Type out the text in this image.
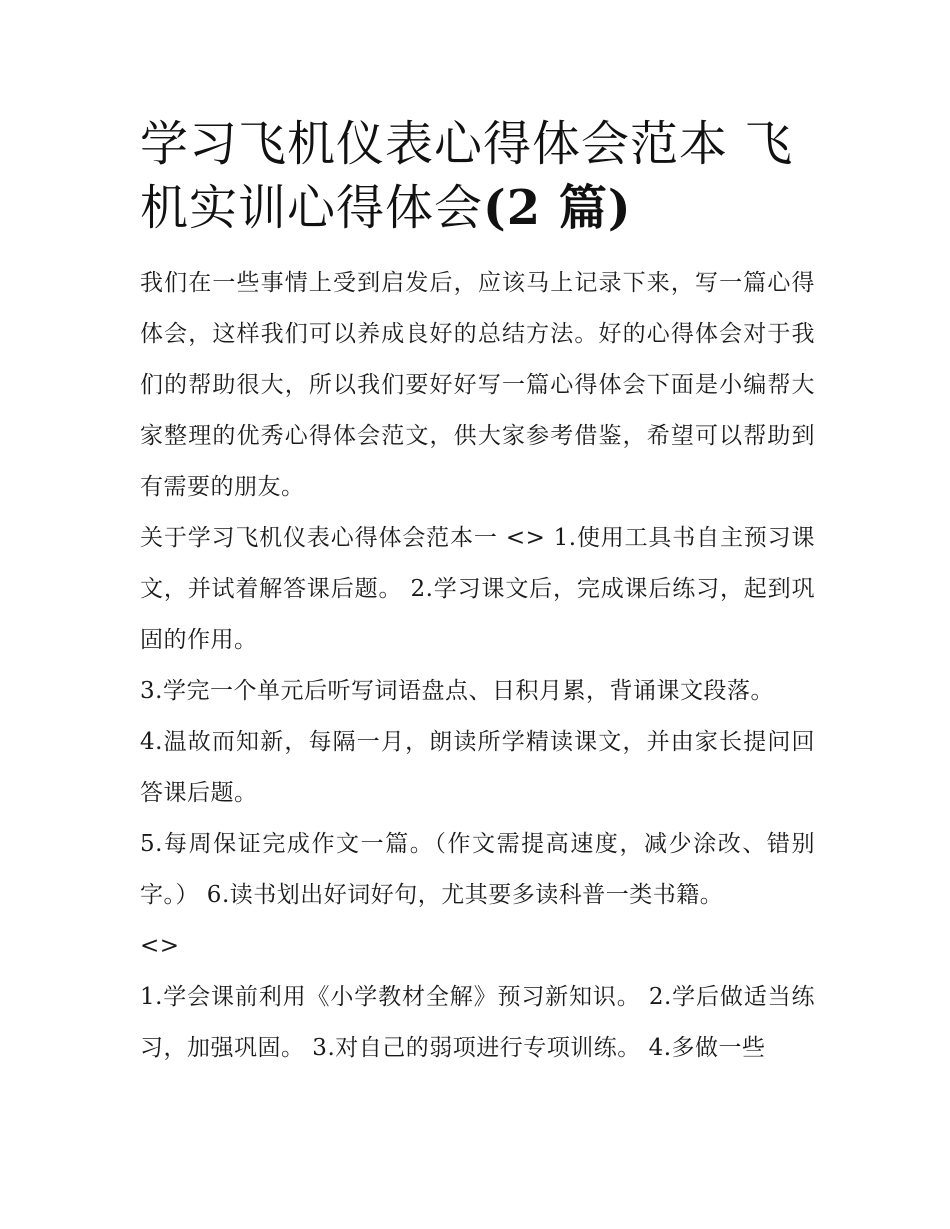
学习飞机仪表心得体会范本 飞机实训心得体会(2 篇)

我们在一些事情上受到启发后，应该马上记录下来，写一篇心得体会，这样我们可以养成良好的总结方法。好的心得体会对于我们的帮助很大，所以我们要好好写一篇心得体会下面是小编帮大家整理的优秀心得体会范文，供大家参考借鉴，希望可以帮助到有需要的朋友。

关于学习飞机仪表心得体会范本一 <> 1.使用工具书自主预习课文，并试着解答课后题。 2.学习课文后，完成课后练习，起到巩固的作用。

3.学完一个单元后听写词语盘点、日积月累，背诵课文段落。

4.温故而知新，每隔一月，朗读所学精读课文，并由家长提问回答课后题。

5.每周保证完成作文一篇。（作文需提高速度，减少涂改、错别字。） 6.读书划出好词好句，尤其要多读科普一类书籍。

<>

1.学会课前利用《小学教材全解》预习新知识。 2.学后做适当练习，加强巩固。 3.对自己的弱项进行专项训练。 4.多做一些
